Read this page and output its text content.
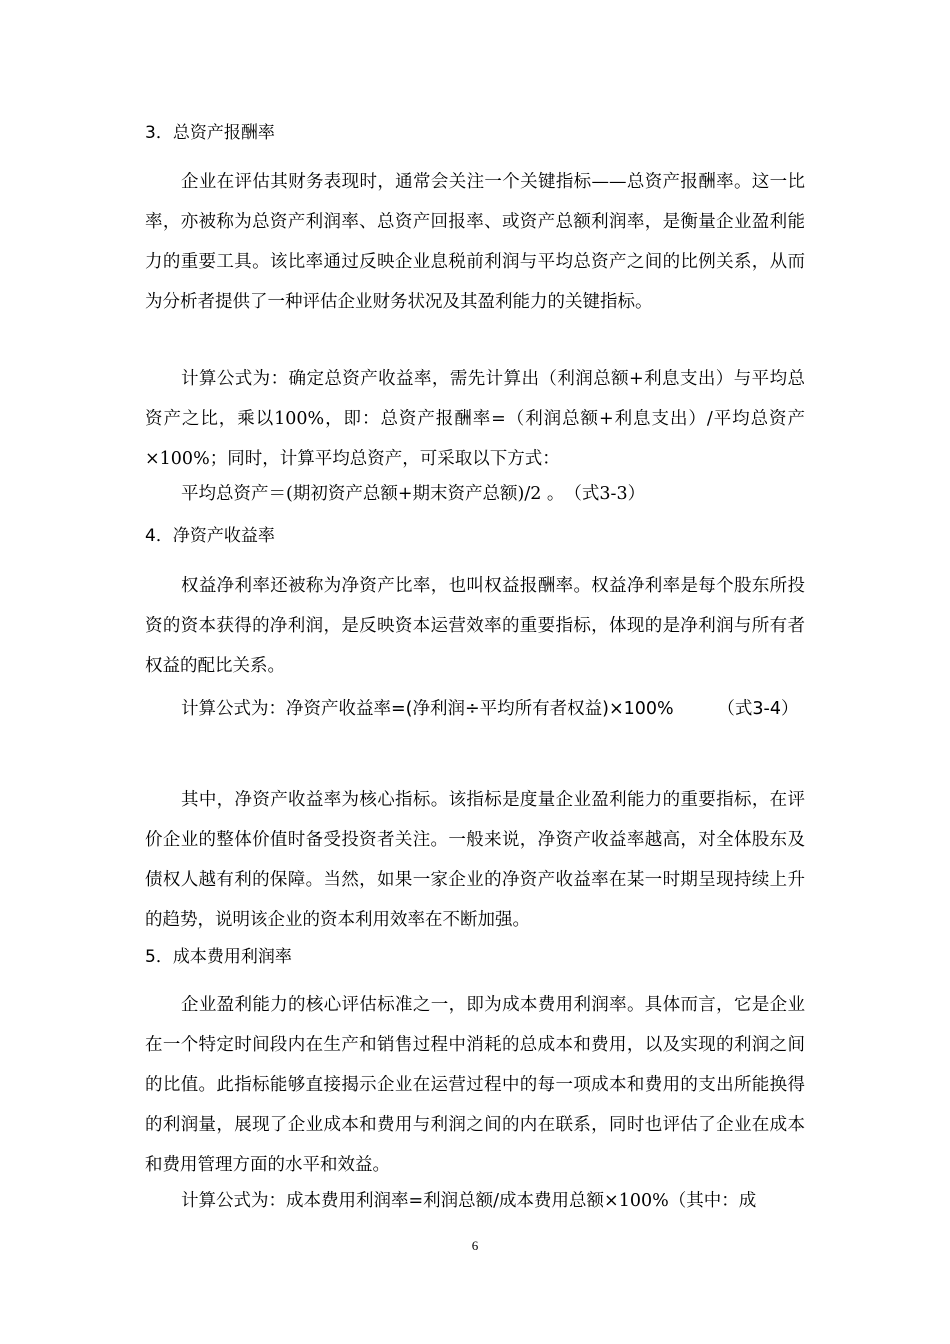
3．总资产报酬率

企业在评估其财务表现时，通常会关注一个关键指标——总资产报酬率。这一比率，亦被称为总资产利润率、总资产回报率、或资产总额利润率，是衡量企业盈利能力的重要工具。该比率通过反映企业息税前利润与平均总资产之间的比例关系，从而为分析者提供了一种评估企业财务状况及其盈利能力的关键指标。

计算公式为：确定总资产收益率，需先计算出（利润总额+利息支出）与平均总资产之比，乘以100%，即：总资产报酬率=（利润总额+利息支出）/平均总资产×100%；同时，计算平均总资产，可采取以下方式：

平均总资产＝(期初资产总额+期末资产总额)/2 。　（式3-3）

4．净资产收益率

权益净利率还被称为净资产比率，也叫权益报酬率。权益净利率是每个股东所投资的资本获得的净利润，是反映资本运营效率的重要指标，体现的是净利润与所有者权益的配比关系。

计算公式为：净资产收益率=(净利润÷平均所有者权益)×100%　　　（式3-4）

其中，净资产收益率为核心指标。该指标是度量企业盈利能力的重要指标，在评价企业的整体价值时备受投资者关注。一般来说，净资产收益率越高，对全体股东及债权人越有利的保障。当然，如果一家企业的净资产收益率在某一时期呈现持续上升的趋势，说明该企业的资本利用效率在不断加强。

5．成本费用利润率

企业盈利能力的核心评估标准之一，即为成本费用利润率。具体而言，它是企业在一个特定时间段内在生产和销售过程中消耗的总成本和费用，以及实现的利润之间的比值。此指标能够直接揭示企业在运营过程中的每一项成本和费用的支出所能换得的利润量，展现了企业成本和费用与利润之间的内在联系，同时也评估了企业在成本和费用管理方面的水平和效益。

计算公式为：成本费用利润率=利润总额/成本费用总额×100%（其中：成

6
